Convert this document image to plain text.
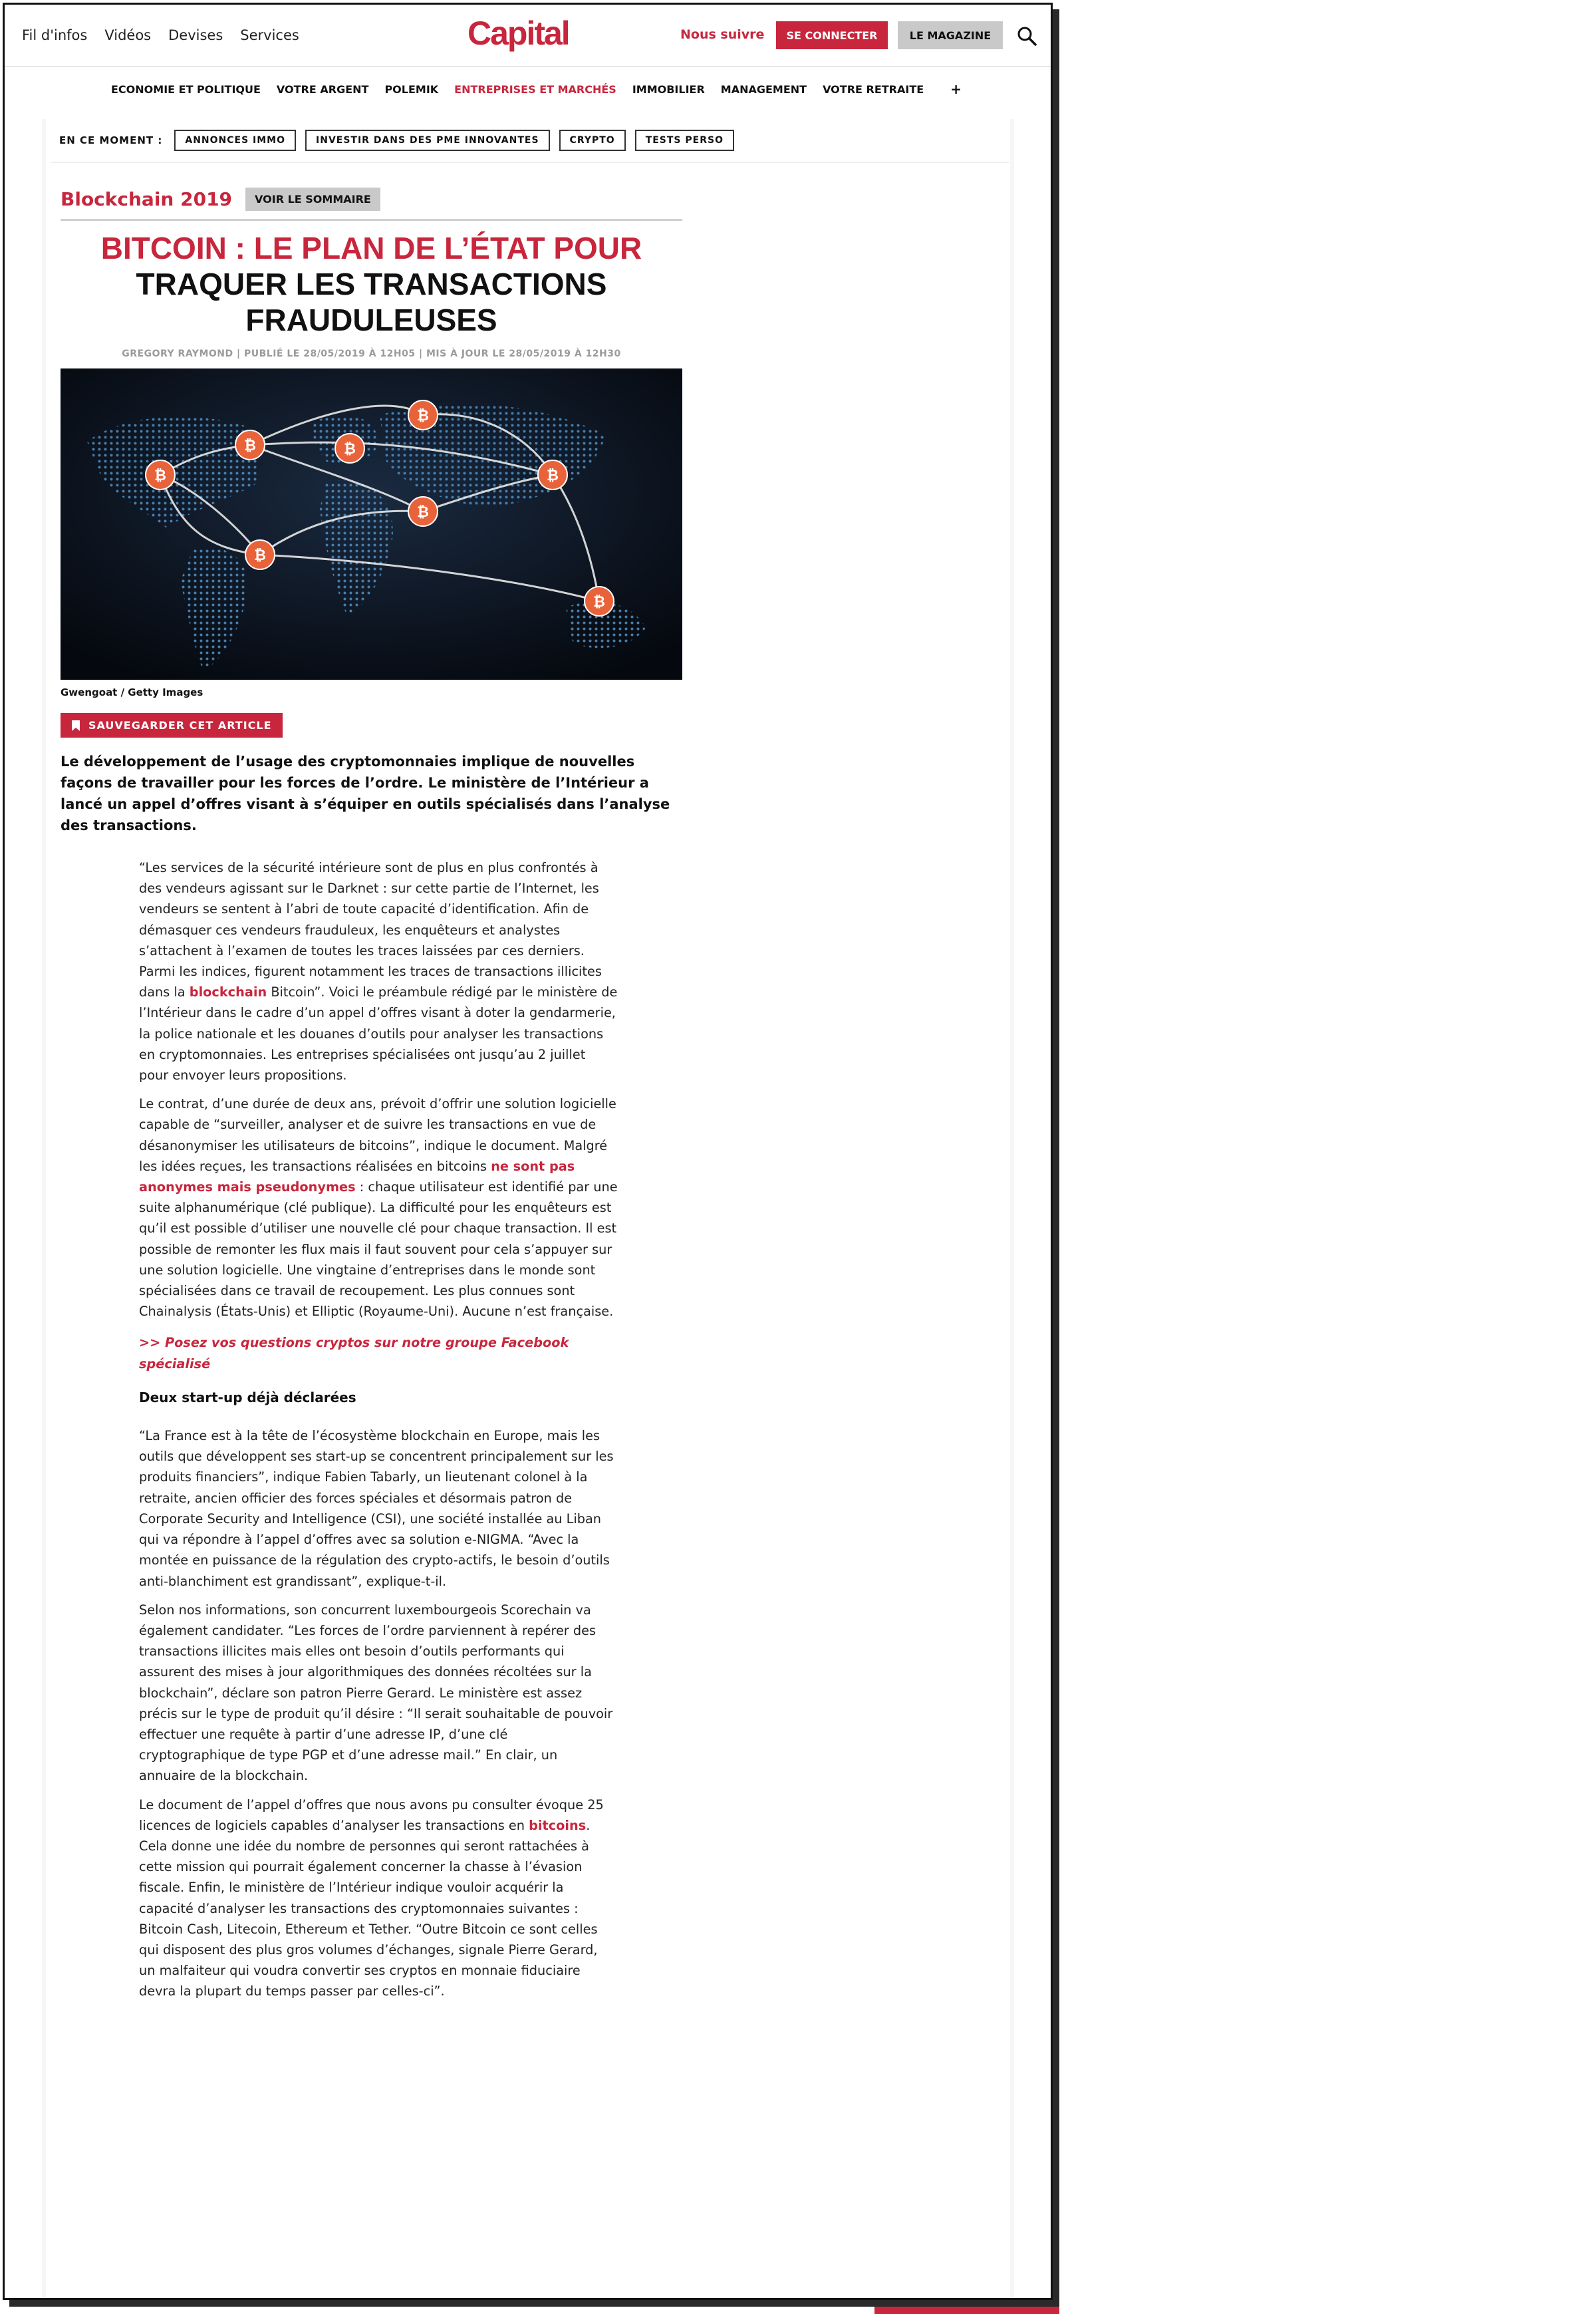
Fil d'infos Vidéos Devises Services	Capital	Nous suivre	SE CONNECTER	LE MAGAZINE
ECONOMIE ET POLITIQUE VOTRE ARGENT POLEMIK ENTREPRISES ET MARCHÉS IMMOBILIER MANAGEMENT VOTRE RETRAITE +
EN CE MOMENT :	ANNONCES IMMO	INVESTIR DANS DES PME INNOVANTES	CRYPTO	TESTS PERSO
Blockchain 2019	VOIR LE SOMMAIRE
BITCOIN : LE PLAN DE L’ÉTAT POUR
TRAQUER LES TRANSACTIONS
FRAUDULEUSES
GREGORY RAYMOND | PUBLIÉ LE 28/05/2019 À 12H05 | MIS À JOUR LE 28/05/2019 À 12H30
₿
₿	₿
₿
₿
₿
₿
₿
Gwengoat / Getty Images
SAUVEGARDER CET ARTICLE
Le développement de l’usage des cryptomonnaies implique de nouvelles façons de travailler pour les forces de l’ordre. Le ministère de l’Intérieur a lancé un appel d’offres visant à s’équiper en outils spécialisés dans l’analyse des transactions.

“Les services de la sécurité intérieure sont de plus en plus confrontés à des vendeurs agissant sur le Darknet : sur cette partie de l’Internet, les vendeurs se sentent à l’abri de toute capacité d’identification. Afin de démasquer ces vendeurs frauduleux, les enquêteurs et analystes s’attachent à l’examen de toutes les traces laissées par ces derniers. Parmi les indices, figurent notamment les traces de transactions illicites dans la blockchain Bitcoin”. Voici le préambule rédigé par le ministère de l’Intérieur dans le cadre d’un appel d’offres visant à doter la gendarmerie, la police nationale et les douanes d’outils pour analyser les transactions en cryptomonnaies. Les entreprises spécialisées ont jusqu’au 2 juillet pour envoyer leurs propositions.

Le contrat, d’une durée de deux ans, prévoit d’offrir une solution logicielle capable de “surveiller, analyser et de suivre les transactions en vue de désanonymiser les utilisateurs de bitcoins”, indique le document. Malgré les idées reçues, les transactions réalisées en bitcoins ne sont pas anonymes mais pseudonymes : chaque utilisateur est identifié par une suite alphanumérique (clé publique). La difficulté pour les enquêteurs est qu’il est possible d’utiliser une nouvelle clé pour chaque transaction. Il est possible de remonter les flux mais il faut souvent pour cela s’appuyer sur une solution logicielle. Une vingtaine d’entreprises dans le monde sont spécialisées dans ce travail de recoupement. Les plus connues sont Chainalysis (États-Unis) et Elliptic (Royaume-Uni). Aucune n’est française.

>> Posez vos questions cryptos sur notre groupe Facebook spécialisé

Deux start-up déjà déclarées

“La France est à la tête de l’écosystème blockchain en Europe, mais les outils que développent ses start-up se concentrent principalement sur les produits financiers”, indique Fabien Tabarly, un lieutenant colonel à la retraite, ancien officier des forces spéciales et désormais patron de Corporate Security and Intelligence (CSI), une société installée au Liban qui va répondre à l’appel d’offres avec sa solution e-NIGMA. “Avec la montée en puissance de la régulation des crypto-actifs, le besoin d’outils anti-blanchiment est grandissant”, explique-t-il.

Selon nos informations, son concurrent luxembourgeois Scorechain va également candidater. “Les forces de l’ordre parviennent à repérer des transactions illicites mais elles ont besoin d’outils performants qui assurent des mises à jour algorithmiques des données récoltées sur la blockchain”, déclare son patron Pierre Gerard. Le ministère est assez précis sur le type de produit qu’il désire : “Il serait souhaitable de pouvoir effectuer une requête à partir d’une adresse IP, d’une clé cryptographique de type PGP et d’une adresse mail.” En clair, un annuaire de la blockchain.

Le document de l’appel d’offres que nous avons pu consulter évoque 25 licences de logiciels capables d’analyser les transactions en bitcoins. Cela donne une idée du nombre de personnes qui seront rattachées à cette mission qui pourrait également concerner la chasse à l’évasion fiscale. Enfin, le ministère de l’Intérieur indique vouloir acquérir la capacité d’analyser les transactions des cryptomonnaies suivantes : Bitcoin Cash, Litecoin, Ethereum et Tether. “Outre Bitcoin ce sont celles qui disposent des plus gros volumes d’échanges, signale Pierre Gerard, un malfaiteur qui voudra convertir ses cryptos en monnaie fiduciaire devra la plupart du temps passer par celles-ci”.
